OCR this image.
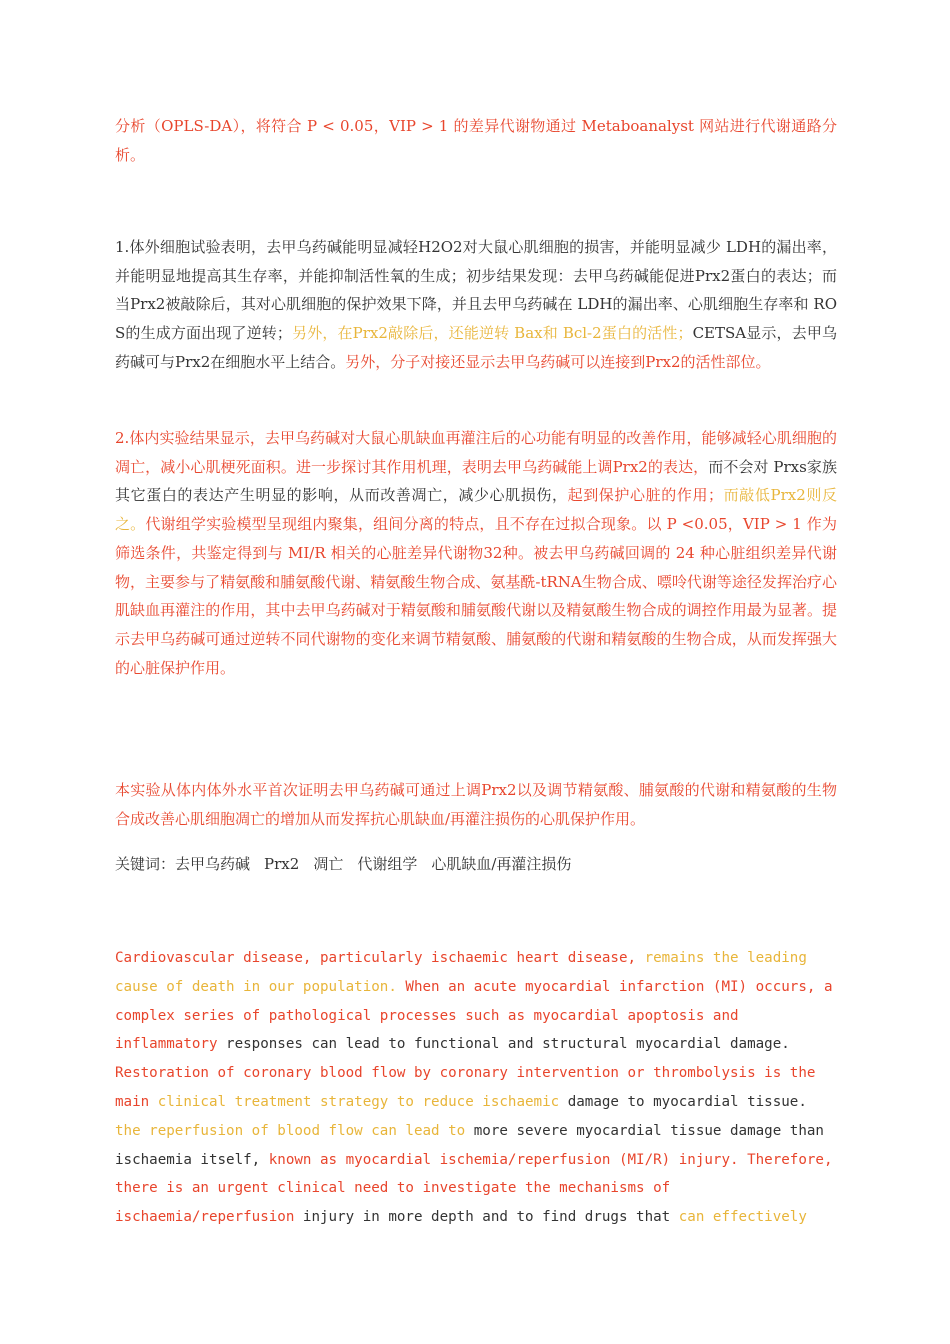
分析（OPLS-DA），将符合 P < 0.05，VIP > 1 的差异代谢物通过 Metaboanalyst 网站进行代谢通路分析。

1.体外细胞试验表明，去甲乌药碱能明显减轻H2O2对大鼠心肌细胞的损害，并能明显减少 LDH的漏出率，并能明显地提高其生存率，并能抑制活性氧的生成；初步结果发现：去甲乌药碱能促进Prx2蛋白的表达；而当Prx2被敲除后，其对心肌细胞的保护效果下降，并且去甲乌药碱在 LDH的漏出率、心肌细胞生存率和 ROS的生成方面出现了逆转；另外，在Prx2敲除后，还能逆转 Bax和 Bcl-2蛋白的活性；CETSA显示，去甲乌药碱可与Prx2在细胞水平上结合。另外，分子对接还显示去甲乌药碱可以连接到Prx2的活性部位。

2.体内实验结果显示，去甲乌药碱对大鼠心肌缺血再灌注后的心功能有明显的改善作用，能够减轻心肌细胞的凋亡，减小心肌梗死面积。进一步探讨其作用机理，表明去甲乌药碱能上调Prx2的表达，而不会对 Prxs家族其它蛋白的表达产生明显的影响，从而改善凋亡，减少心肌损伤，起到保护心脏的作用；而敲低Prx2则反之。代谢组学实验模型呈现组内聚集，组间分离的特点，且不存在过拟合现象。以 P <0.05，VIP > 1 作为筛选条件，共鉴定得到与 MI/R 相关的心脏差异代谢物32种。被去甲乌药碱回调的 24 种心脏组织差异代谢物，主要参与了精氨酸和脯氨酸代谢、精氨酸生物合成、氨基酰-tRNA生物合成、嘌呤代谢等途径发挥治疗心肌缺血再灌注的作用，其中去甲乌药碱对于精氨酸和脯氨酸代谢以及精氨酸生物合成的调控作用最为显著。提示去甲乌药碱可通过逆转不同代谢物的变化来调节精氨酸、脯氨酸的代谢和精氨酸的生物合成，从而发挥强大的心脏保护作用。

本实验从体内体外水平首次证明去甲乌药碱可通过上调Prx2以及调节精氨酸、脯氨酸的代谢和精氨酸的生物合成改善心肌细胞凋亡的增加从而发挥抗心肌缺血/再灌注损伤的心肌保护作用。

关键词：去甲乌药碱 Prx2 凋亡 代谢组学 心肌缺血/再灌注损伤

Cardiovascular disease, particularly ischaemic heart disease, remains the leading cause of death in our population. When an acute myocardial infarction (MI) occurs, a complex series of pathological processes such as myocardial apoptosis and inflammatory responses can lead to functional and structural myocardial damage. Restoration of coronary blood flow by coronary intervention or thrombolysis is the main clinical treatment strategy to reduce ischaemic damage to myocardial tissue. the reperfusion of blood flow can lead to more severe myocardial tissue damage than ischaemia itself, known as myocardial ischemia/reperfusion (MI/R) injury. Therefore, there is an urgent clinical need to investigate the mechanisms of ischaemia/reperfusion injury in more depth and to find drugs that can effectively
